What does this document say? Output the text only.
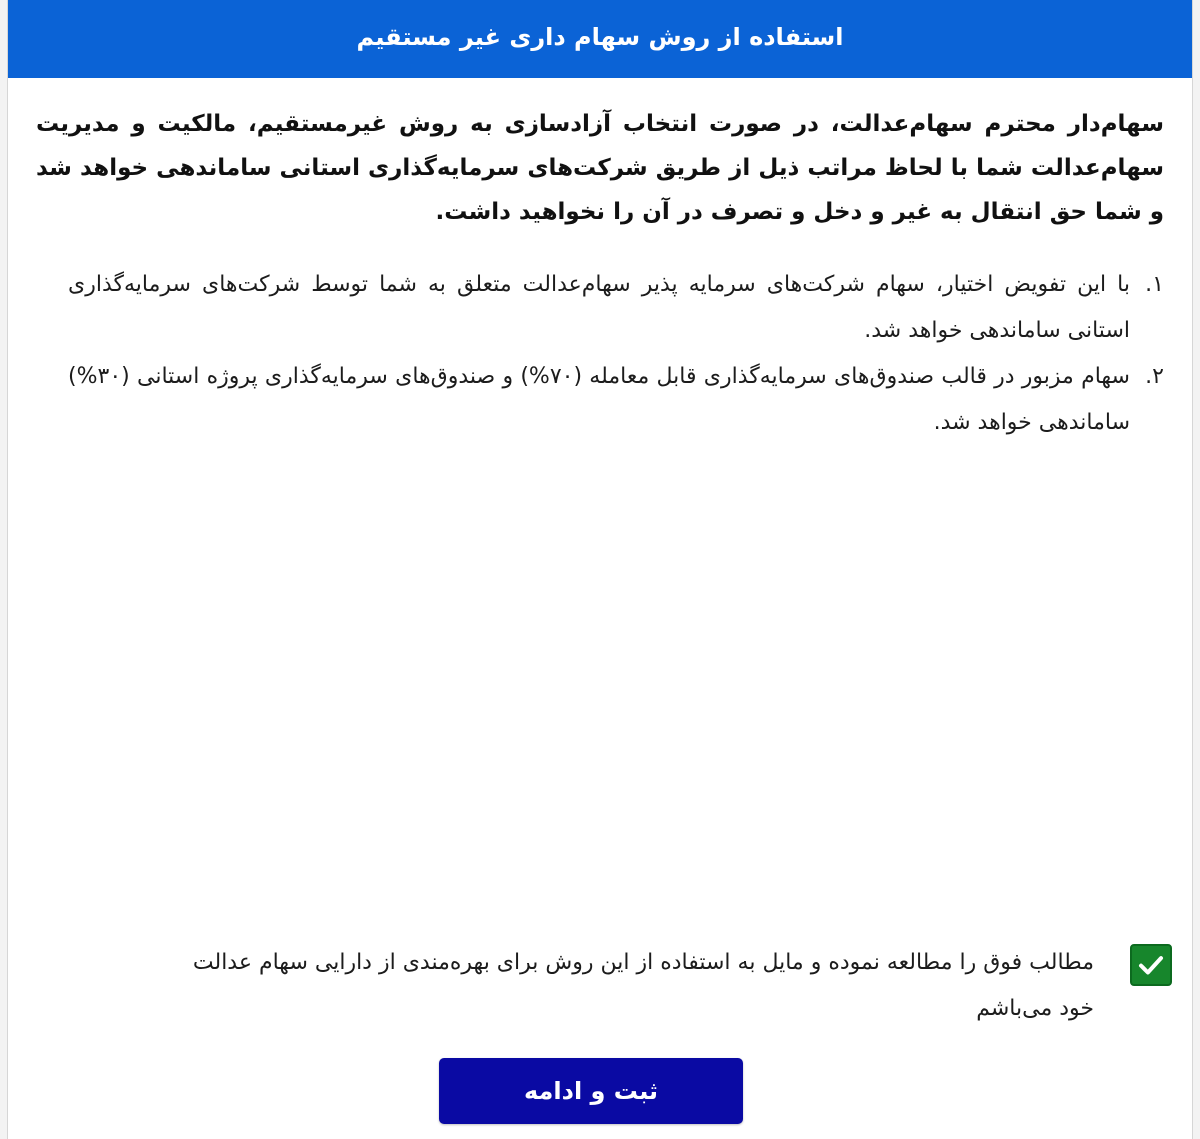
استفاده از روش سهام داری غیر مستقیم

سهام‌دار محترم سهام‌عدالت، در صورت انتخاب آزادسازی به روش غیرمستقیم، مالکیت و مدیریت سهام‌عدالت شما با لحاظ مراتب ذیل از طریق شرکت‌های سرمایه‌گذاری استانی ساماندهی خواهد شد و شما حق انتقال به غیر و دخل و تصرف در آن را نخواهید داشت.

۱.
با این تفویض اختیار، سهام شرکت‌های سرمایه پذیر سهام‌عدالت متعلق به شما توسط شرکت‌های سرمایه‌گذاری استانی ساماندهی خواهد شد.
۲.
سهام مزبور در قالب صندوق‌های سرمایه‌گذاری قابل معامله (۷۰%) و صندوق‌های سرمایه‌گذاری پروژه استانی (۳۰%) ساماندهی خواهد شد.
مطالب فوق را مطالعه نموده و مایل به استفاده از این روش برای بهره‌مندی از دارایی سهام عدالت
خود می‌باشم
ثبت و ادامه
